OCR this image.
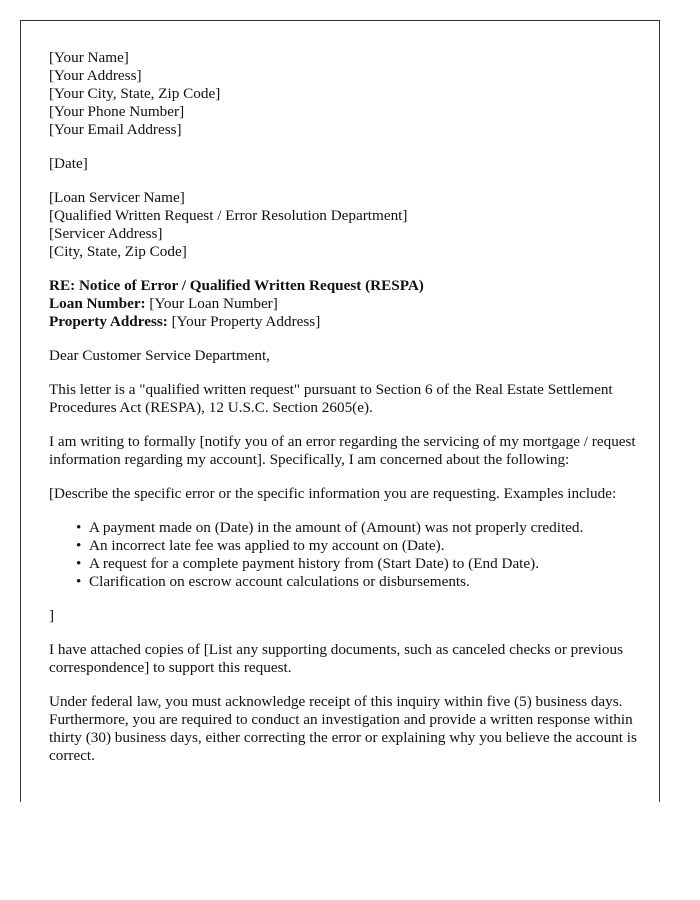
[Your Name]
[Your Address]
[Your City, State, Zip Code]
[Your Phone Number]
[Your Email Address]
[Date]
[Loan Servicer Name]
[Qualified Written Request / Error Resolution Department]
[Servicer Address]
[City, State, Zip Code]
RE: Notice of Error / Qualified Written Request (RESPA)
Loan Number: [Your Loan Number]
Property Address: [Your Property Address]

Dear Customer Service Department,

This letter is a "qualified written request" pursuant to Section 6 of the Real Estate Settlement Procedures Act (RESPA), 12 U.S.C. Section 2605(e).

I am writing to formally [notify you of an error regarding the servicing of my mortgage / request information regarding my account]. Specifically, I am concerned about the following:

[Describe the specific error or the specific information you are requesting. Examples include:
• A payment made on (Date) in the amount of (Amount) was not properly credited.
• An incorrect late fee was applied to my account on (Date).
• A request for a complete payment history from (Start Date) to (End Date).
• Clarification on escrow account calculations or disbursements.

]

I have attached copies of [List any supporting documents, such as canceled checks or previous correspondence] to support this request.

Under federal law, you must acknowledge receipt of this inquiry within five (5) business days. Furthermore, you are required to conduct an investigation and provide a written response within thirty (30) business days, either correcting the error or explaining why you believe the account is correct.
